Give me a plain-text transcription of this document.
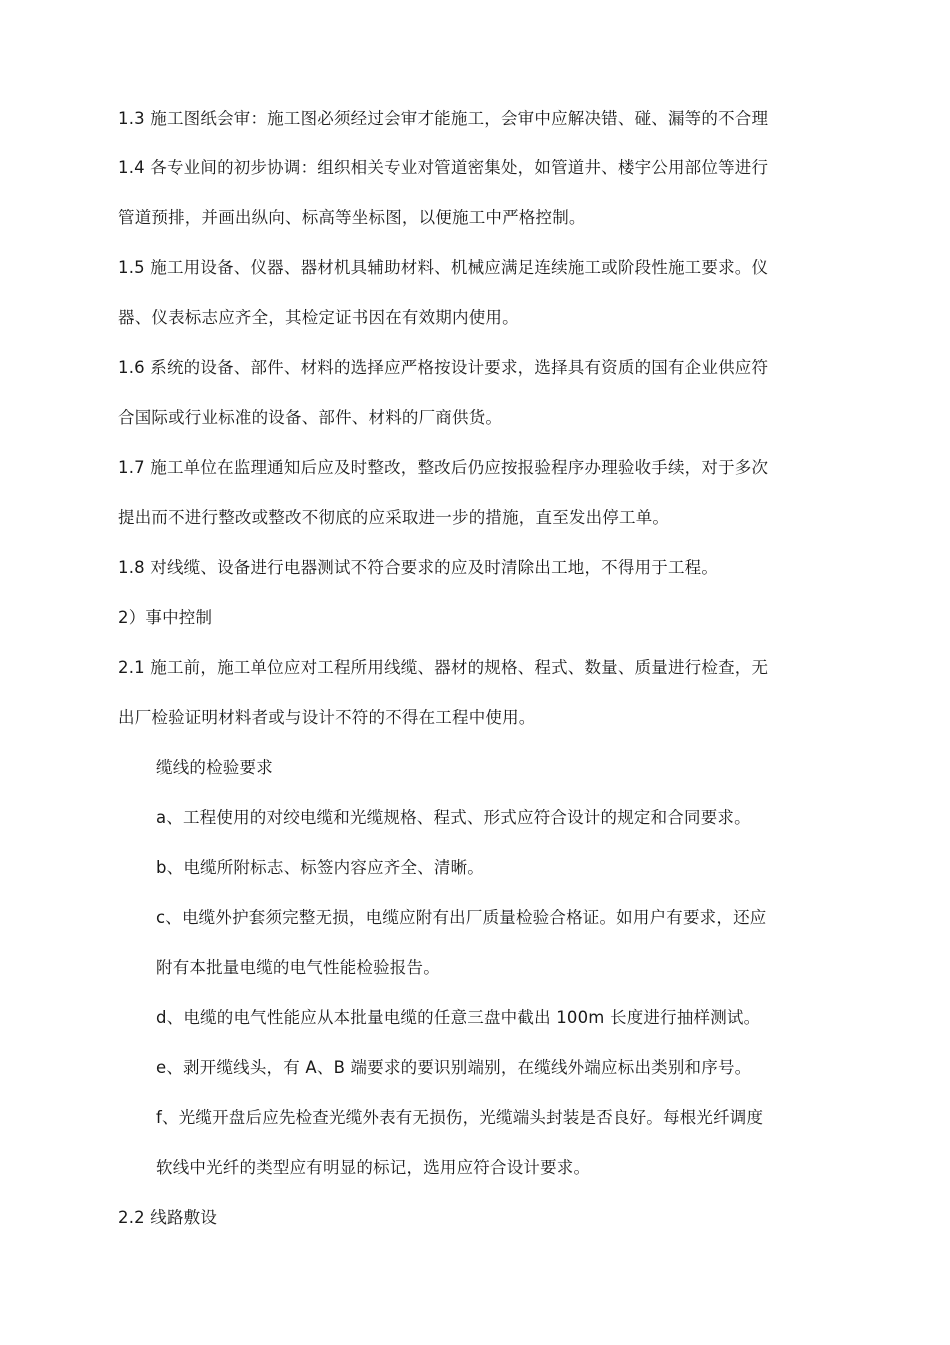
1.3 施工图纸会审：施工图必须经过会审才能施工，会审中应解决错、碰、漏等的不合理
1.4 各专业间的初步协调：组织相关专业对管道密集处，如管道井、楼宇公用部位等进行
管道预排，并画出纵向、标高等坐标图，以便施工中严格控制。
1.5 施工用设备、仪器、器材机具辅助材料、机械应满足连续施工或阶段性施工要求。仪
器、仪表标志应齐全，其检定证书因在有效期内使用。
1.6 系统的设备、部件、材料的选择应严格按设计要求，选择具有资质的国有企业供应符
合国际或行业标准的设备、部件、材料的厂商供货。
1.7 施工单位在监理通知后应及时整改，整改后仍应按报验程序办理验收手续，对于多次
提出而不进行整改或整改不彻底的应采取进一步的措施，直至发出停工单。
1.8 对线缆、设备进行电器测试不符合要求的应及时清除出工地，不得用于工程。
2）事中控制
2.1 施工前，施工单位应对工程所用线缆、器材的规格、程式、数量、质量进行检查，无
出厂检验证明材料者或与设计不符的不得在工程中使用。
缆线的检验要求
a、工程使用的对绞电缆和光缆规格、程式、形式应符合设计的规定和合同要求。
b、电缆所附标志、标签内容应齐全、清晰。
c、电缆外护套须完整无损，电缆应附有出厂质量检验合格证。如用户有要求，还应
附有本批量电缆的电气性能检验报告。
d、电缆的电气性能应从本批量电缆的任意三盘中截出 100m 长度进行抽样测试。
e、剥开缆线头，有 A、B 端要求的要识别端别，在缆线外端应标出类别和序号。
f、光缆开盘后应先检查光缆外表有无损伤，光缆端头封装是否良好。每根光纤调度
软线中光纤的类型应有明显的标记，选用应符合设计要求。
2.2 线路敷设
